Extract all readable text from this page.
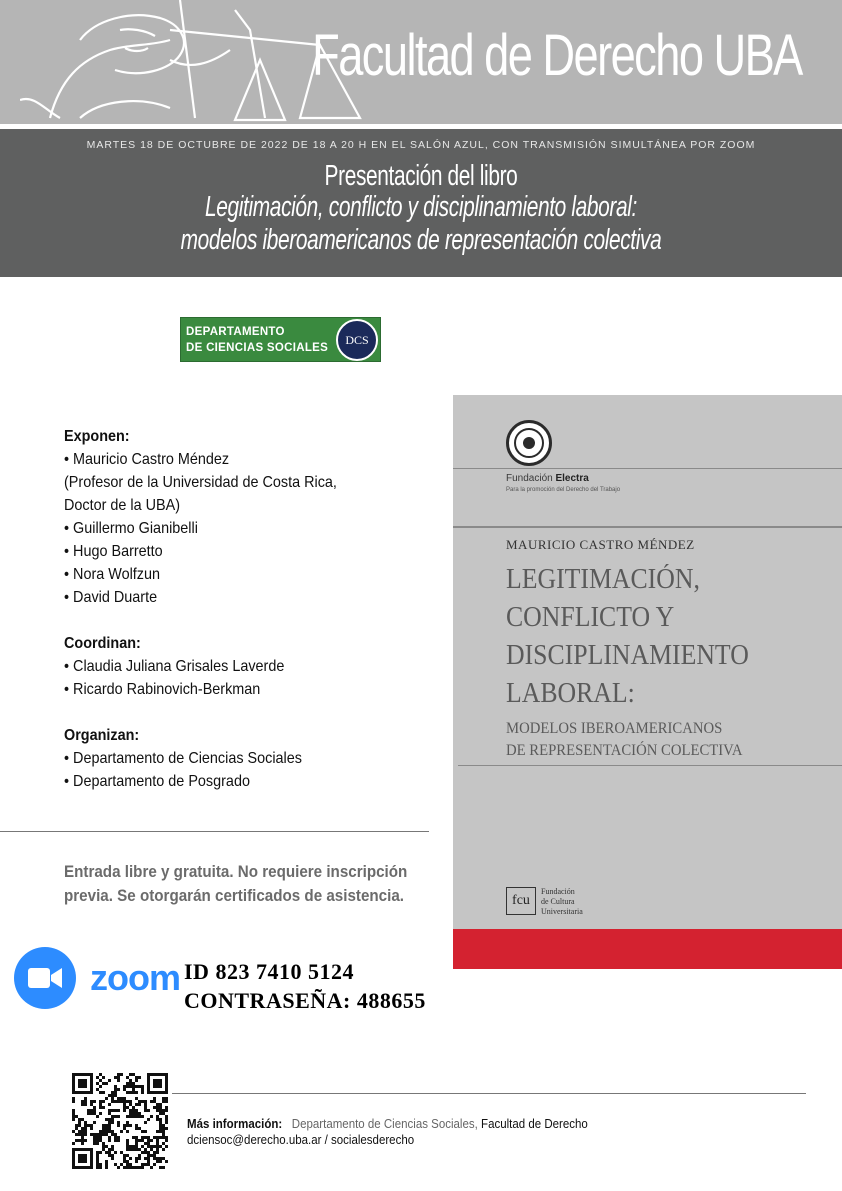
Facultad de Derecho UBA
MARTES 18 DE OCTUBRE DE 2022 DE 18 A 20 H EN EL SALÓN AZUL, CON TRANSMISIÓN SIMULTÁNEA POR ZOOM
Presentación del libro
Legitimación, conflicto y disciplinamiento laboral:
modelos iberoamericanos de representación colectiva
DEPARTAMENTO
DE CIENCIAS SOCIALES
DCS
Exponen:
• Mauricio Castro Méndez
(Profesor de la Universidad de Costa Rica,
Doctor de la UBA)
• Guillermo Gianibelli
• Hugo Barretto
• Nora Wolfzun
• David Duarte
Coordinan:
• Claudia Juliana Grisales Laverde
• Ricardo Rabinovich-Berkman
Organizan:
• Departamento de Ciencias Sociales
• Departamento de Posgrado
Entrada libre y gratuita. No requiere inscripción
previa. Se otorgarán certificados de asistencia.
zoom ID 823 7410 5124
CONTRASEÑA: 488655
Fundación Electra
Para la promoción del Derecho del Trabajo
MAURICIO CASTRO MÉNDEZ
LEGITIMACIÓN,
CONFLICTO Y
DISCIPLINAMIENTO
LABORAL:
MODELOS IBEROAMERICANOS
DE REPRESENTACIÓN COLECTIVA
fcu
Fundación
de Cultura
Universitaria
Más información: Departamento de Ciencias Sociales, Facultad de Derecho
dciensoc@derecho.uba.ar / socialesderecho
